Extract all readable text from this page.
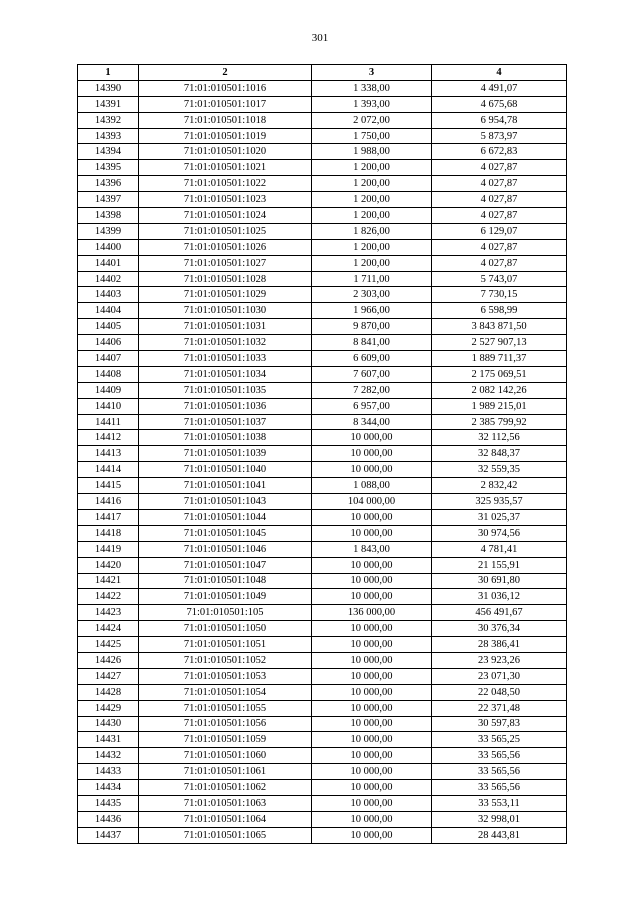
301
1	2	3	4
14390	71:01:010501:1016	1 338,00	4 491,07
14391	71:01:010501:1017	1 393,00	4 675,68
14392	71:01:010501:1018	2 072,00	6 954,78
14393	71:01:010501:1019	1 750,00	5 873,97
14394	71:01:010501:1020	1 988,00	6 672,83
14395	71:01:010501:1021	1 200,00	4 027,87
14396	71:01:010501:1022	1 200,00	4 027,87
14397	71:01:010501:1023	1 200,00	4 027,87
14398	71:01:010501:1024	1 200,00	4 027,87
14399	71:01:010501:1025	1 826,00	6 129,07
14400	71:01:010501:1026	1 200,00	4 027,87
14401	71:01:010501:1027	1 200,00	4 027,87
14402	71:01:010501:1028	1 711,00	5 743,07
14403	71:01:010501:1029	2 303,00	7 730,15
14404	71:01:010501:1030	1 966,00	6 598,99
14405	71:01:010501:1031	9 870,00	3 843 871,50
14406	71:01:010501:1032	8 841,00	2 527 907,13
14407	71:01:010501:1033	6 609,00	1 889 711,37
14408	71:01:010501:1034	7 607,00	2 175 069,51
14409	71:01:010501:1035	7 282,00	2 082 142,26
14410	71:01:010501:1036	6 957,00	1 989 215,01
14411	71:01:010501:1037	8 344,00	2 385 799,92
14412	71:01:010501:1038	10 000,00	32 112,56
14413	71:01:010501:1039	10 000,00	32 848,37
14414	71:01:010501:1040	10 000,00	32 559,35
14415	71:01:010501:1041	1 088,00	2 832,42
14416	71:01:010501:1043	104 000,00	325 935,57
14417	71:01:010501:1044	10 000,00	31 025,37
14418	71:01:010501:1045	10 000,00	30 974,56
14419	71:01:010501:1046	1 843,00	4 781,41
14420	71:01:010501:1047	10 000,00	21 155,91
14421	71:01:010501:1048	10 000,00	30 691,80
14422	71:01:010501:1049	10 000,00	31 036,12
14423	71:01:010501:105	136 000,00	456 491,67
14424	71:01:010501:1050	10 000,00	30 376,34
14425	71:01:010501:1051	10 000,00	28 386,41
14426	71:01:010501:1052	10 000,00	23 923,26
14427	71:01:010501:1053	10 000,00	23 071,30
14428	71:01:010501:1054	10 000,00	22 048,50
14429	71:01:010501:1055	10 000,00	22 371,48
14430	71:01:010501:1056	10 000,00	30 597,83
14431	71:01:010501:1059	10 000,00	33 565,25
14432	71:01:010501:1060	10 000,00	33 565,56
14433	71:01:010501:1061	10 000,00	33 565,56
14434	71:01:010501:1062	10 000,00	33 565,56
14435	71:01:010501:1063	10 000,00	33 553,11
14436	71:01:010501:1064	10 000,00	32 998,01
14437	71:01:010501:1065	10 000,00	28 443,81
